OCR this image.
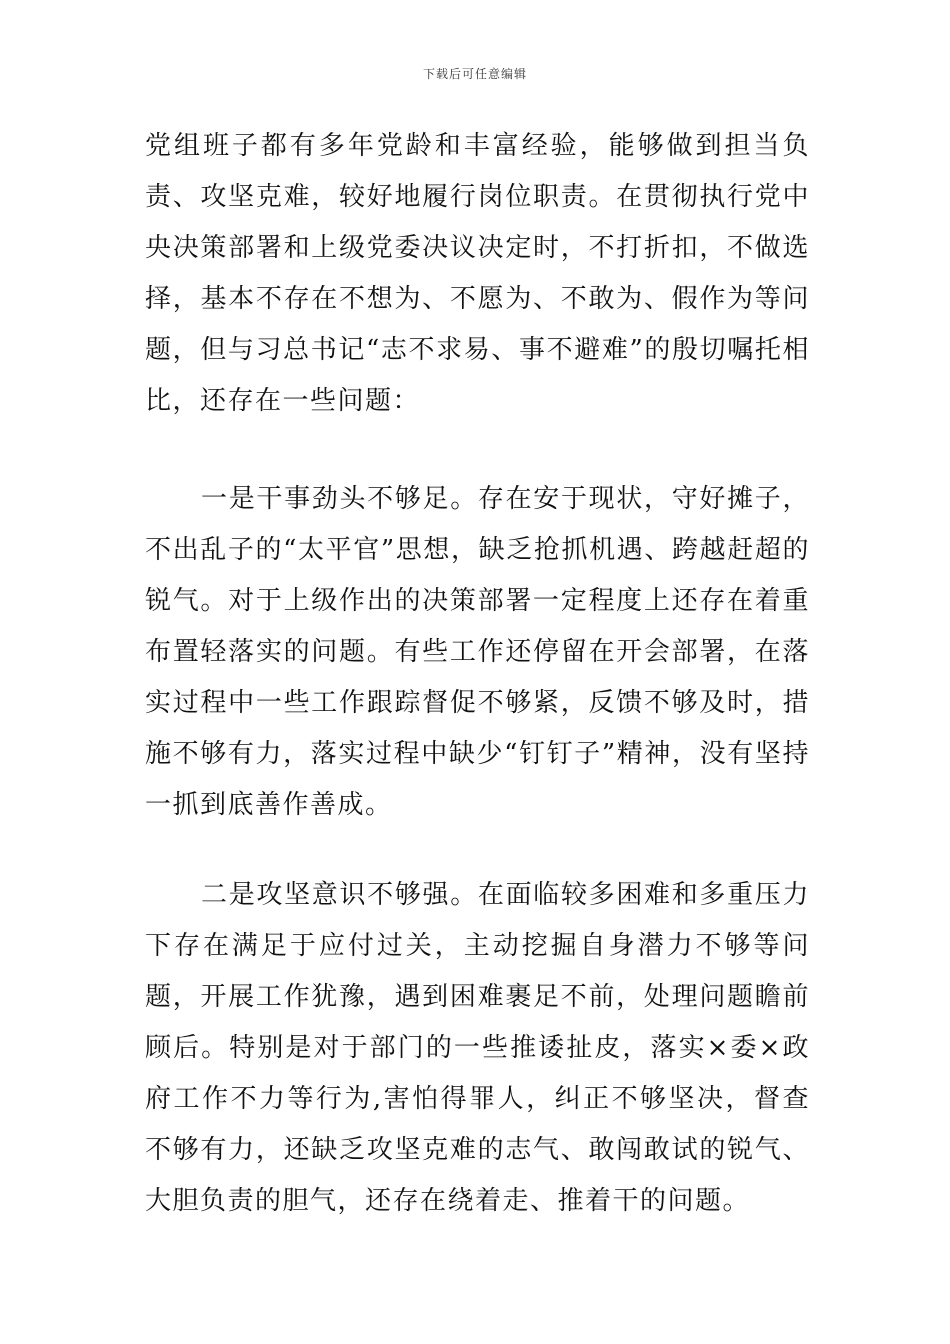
下载后可任意编辑

党组班子都有多年党龄和丰富经验，能够做到担当负责、攻坚克难，较好地履行岗位职责。在贯彻执行党中央决策部署和上级党委决议决定时，不打折扣，不做选择，基本不存在不想为、不愿为、不敢为、假作为等问题，但与习总书记“志不求易、事不避难”的殷切嘱托相比，还存在一些问题：

一是干事劲头不够足。存在安于现状，守好摊子，不出乱子的“太平官”思想，缺乏抢抓机遇、跨越赶超的锐气。对于上级作出的决策部署一定程度上还存在着重布置轻落实的问题。有些工作还停留在开会部署，在落实过程中一些工作跟踪督促不够紧，反馈不够及时，措施不够有力，落实过程中缺少“钉钉子”精神，没有坚持一抓到底善作善成。

二是攻坚意识不够强。在面临较多困难和多重压力下存在满足于应付过关，主动挖掘自身潜力不够等问题，开展工作犹豫，遇到困难裹足不前，处理问题瞻前顾后。特别是对于部门的一些推诿扯皮，落实×委×政府工作不力等行为,害怕得罪人，纠正不够坚决，督查不够有力，还缺乏攻坚克难的志气、敢闯敢试的锐气、大胆负责的胆气，还存在绕着走、推着干的问题。
